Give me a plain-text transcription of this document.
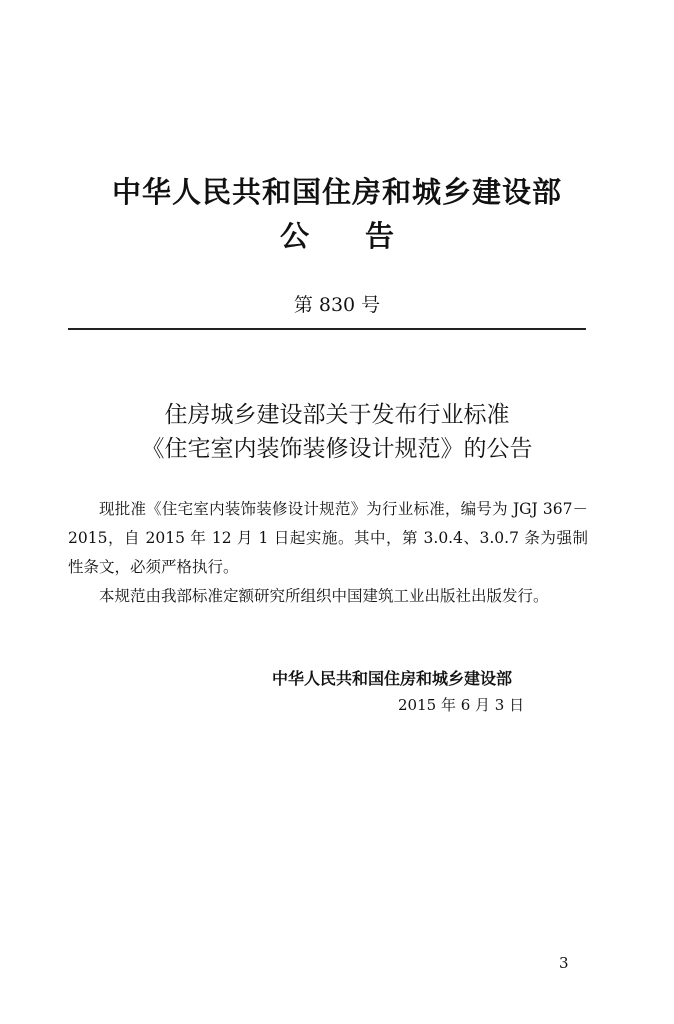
中华人民共和国住房和城乡建设部
公 告
第 830 号
住房城乡建设部关于发布行业标准
《住宅室内装饰装修设计规范》的公告

现批准《住宅室内装饰装修设计规范》为行业标准，编号为 JGJ 367－2015，自 2015 年 12 月 1 日起实施。其中，第 3.0.4、3.0.7 条为强制性条文，必须严格执行。

本规范由我部标准定额研究所组织中国建筑工业出版社出版发行。

中华人民共和国住房和城乡建设部
2015 年 6 月 3 日
3
